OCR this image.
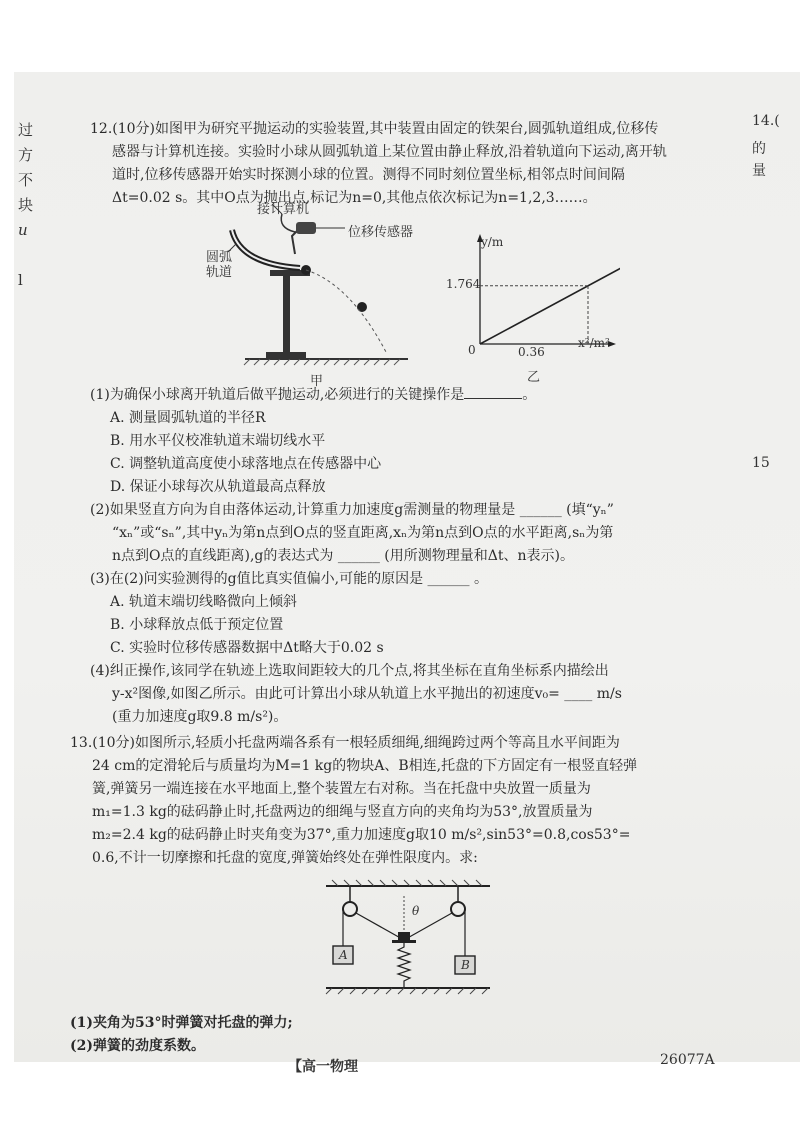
过
方
不
块
u
l
14.(
的
量
15

12.(10分)如图甲为研究平抛运动的实验装置,其中装置由固定的铁架台,圆弧轨道组成,位移传

感器与计算机连接。实验时小球从圆弧轨道上某位置由静止释放,沿着轨道向下运动,离开轨

道时,位移传感器开始实时探测小球的位置。测得不同时刻位置坐标,相邻点时间间隔

Δt=0.02 s。其中O点为抛出点,标记为n=0,其他点依次标记为n=1,2,3……。

接计算机
位移传感器
圆弧
轨道
甲
y/m
x²/m²
0
1.764
0.36
乙

(1)为确保小球离开轨道后做平抛运动,必须进行的关键操作是	。

A. 测量圆弧轨道的半径R

B. 用水平仪校准轨道末端切线水平

C. 调整轨道高度使小球落地点在传感器中心

D. 保证小球每次从轨道最高点释放

(2)如果竖直方向为自由落体运动,计算重力加速度g需测量的物理量是 ______ (填“yₙ”

“xₙ”或“sₙ”,其中yₙ为第n点到O点的竖直距离,xₙ为第n点到O点的水平距离,sₙ为第

n点到O点的直线距离),g的表达式为 ______ (用所测物理量和Δt、n表示)。

(3)在(2)问实验测得的g值比真实值偏小,可能的原因是 ______ 。

A. 轨道末端切线略微向上倾斜

B. 小球释放点低于预定位置

C. 实验时位移传感器数据中Δt略大于0.02 s

(4)纠正操作,该同学在轨迹上选取间距较大的几个点,将其坐标在直角坐标系内描绘出

y-x²图像,如图乙所示。由此可计算出小球从轨道上水平抛出的初速度v₀= ____ m/s

(重力加速度g取9.8 m/s²)。

13.(10分)如图所示,轻质小托盘两端各系有一根轻质细绳,细绳跨过两个等高且水平间距为

24 cm的定滑轮后与质量均为M=1 kg的物块A、B相连,托盘的下方固定有一根竖直轻弹

簧,弹簧另一端连接在水平地面上,整个装置左右对称。当在托盘中央放置一质量为

m₁=1.3 kg的砝码静止时,托盘两边的细绳与竖直方向的夹角均为53°,放置质量为

m₂=2.4 kg的砝码静止时夹角变为37°,重力加速度g取10 m/s²,sin53°=0.8,cos53°=

0.6,不计一切摩擦和托盘的宽度,弹簧始终处在弹性限度内。求:

A
B
θ

(1)夹角为53°时弹簧对托盘的弹力;

(2)弹簧的劲度系数。

【高一物理	26077A
